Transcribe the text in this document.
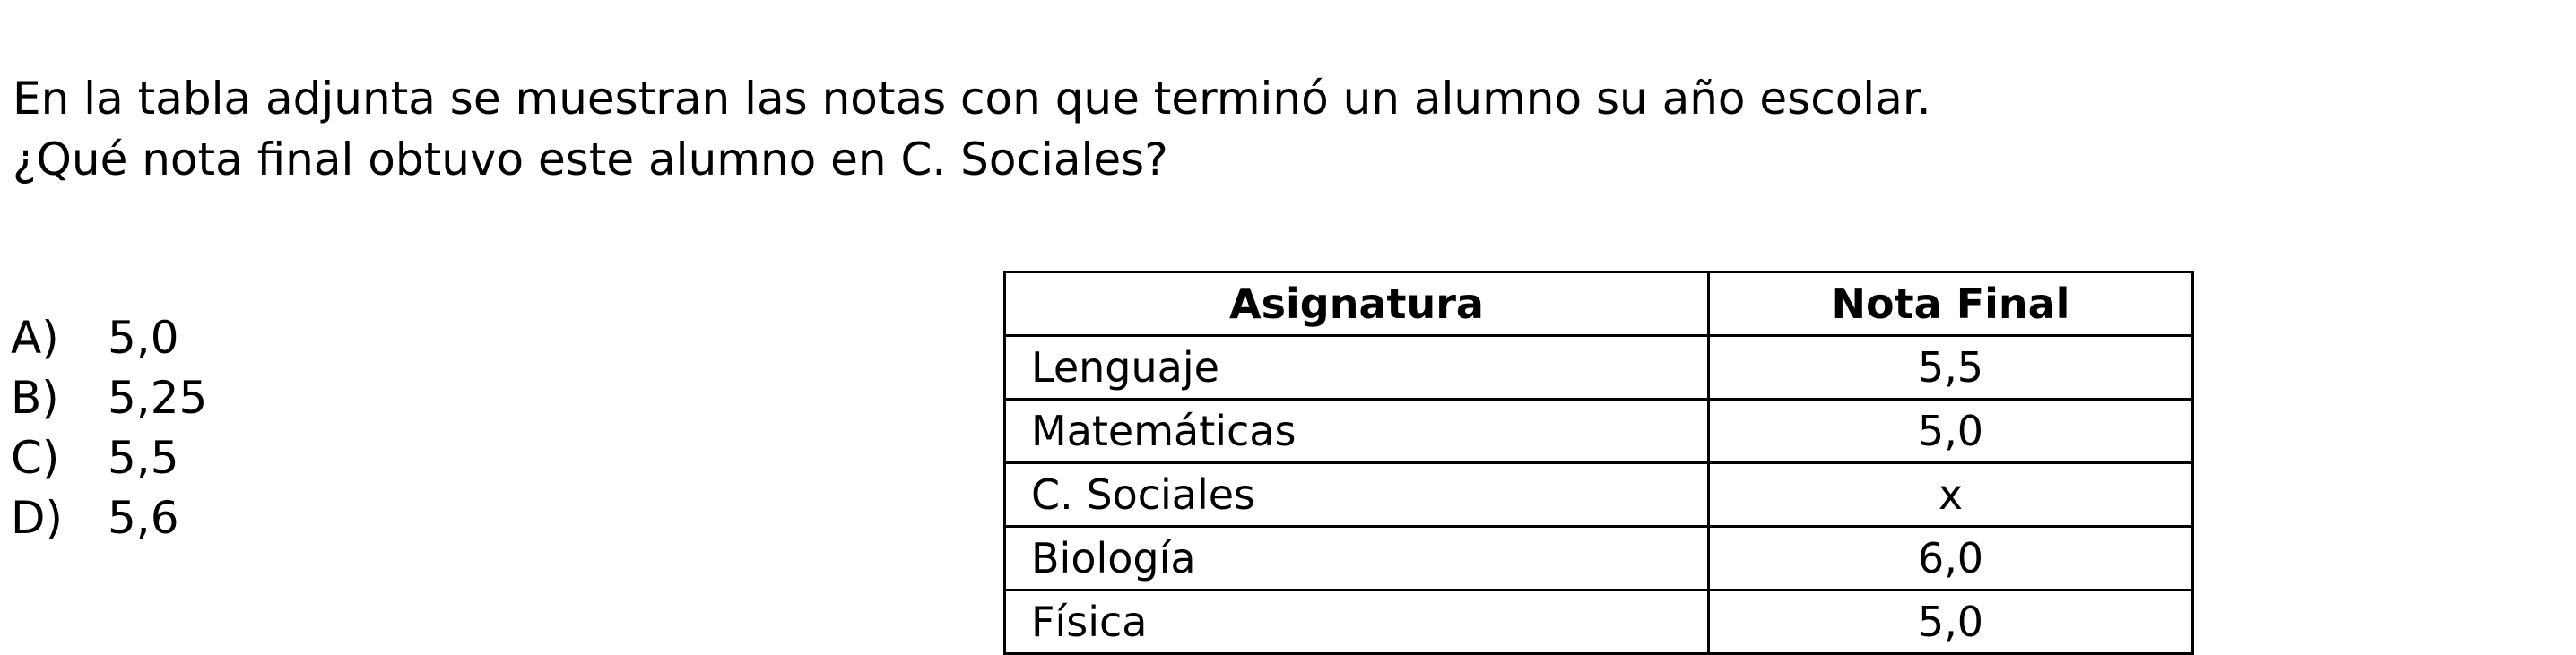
En la tabla adjunta se muestran las notas con que terminó un alumno su año escolar.

¿Qué nota final obtuvo este alumno en C. Sociales?

A) 5,0
B) 5,25
C) 5,5
D) 5,6
Asignatura	Nota Final
Lenguaje	5,5
Matemáticas	5,0
C. Sociales	x
Biología	6,0
Física	5,0
